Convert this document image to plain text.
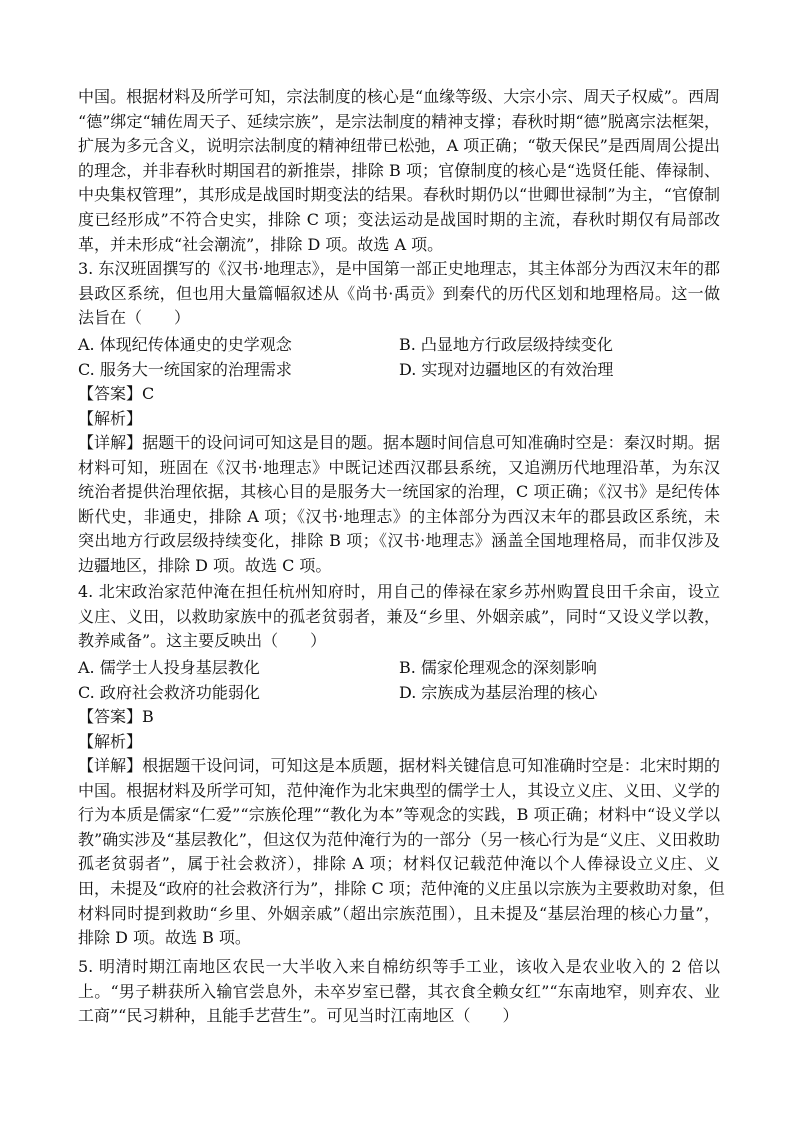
中国。根据材料及所学可知，宗法制度的核心是“血缘等级、大宗小宗、周天子权威”。西周
“德”绑定“辅佐周天子、延续宗族”，是宗法制度的精神支撑；春秋时期“德”脱离宗法框架，
扩展为多元含义，说明宗法制度的精神纽带已松弛，A 项正确；“敬天保民”是西周周公提出
的理念，并非春秋时期国君的新推崇，排除 B 项；官僚制度的核心是“选贤任能、俸禄制、
中央集权管理”，其形成是战国时期变法的结果。春秋时期仍以“世卿世禄制”为主，“官僚制
度已经形成”不符合史实，排除 C 项；变法运动是战国时期的主流，春秋时期仅有局部改
革，并未形成“社会潮流”，排除 D 项。故选 A 项。
3. 东汉班固撰写的《汉书·地理志》，是中国第一部正史地理志，其主体部分为西汉末年的郡
县政区系统，但也用大量篇幅叙述从《尚书·禹贡》到秦代的历代区划和地理格局。这一做
法旨在（　　）
A. 体现纪传体通史的史学观念	B. 凸显地方行政层级持续变化
C. 服务大一统国家的治理需求	D. 实现对边疆地区的有效治理
【答案】C
【解析】
【详解】据题干的设问词可知这是目的题。据本题时间信息可知准确时空是：秦汉时期。据
材料可知，班固在《汉书·地理志》中既记述西汉郡县系统，又追溯历代地理沿革，为东汉
统治者提供治理依据，其核心目的是服务大一统国家的治理，C 项正确；《汉书》是纪传体
断代史，非通史，排除 A 项；《汉书·地理志》的主体部分为西汉末年的郡县政区系统，未
突出地方行政层级持续变化，排除 B 项；《汉书·地理志》涵盖全国地理格局，而非仅涉及
边疆地区，排除 D 项。故选 C 项。
4. 北宋政治家范仲淹在担任杭州知府时，用自己的俸禄在家乡苏州购置良田千余亩，设立
义庄、义田，以救助家族中的孤老贫弱者，兼及“乡里、外姻亲戚”，同时“又设义学以教，
教养咸备”。这主要反映出（　　）
A. 儒学士人投身基层教化	B. 儒家伦理观念的深刻影响
C. 政府社会救济功能弱化	D. 宗族成为基层治理的核心
【答案】B
【解析】
【详解】根据题干设问词，可知这是本质题，据材料关键信息可知准确时空是：北宋时期的
中国。根据材料及所学可知，范仲淹作为北宋典型的儒学士人，其设立义庄、义田、义学的
行为本质是儒家“仁爱”“宗族伦理”“教化为本”等观念的实践，B 项正确；材料中“设义学以
教”确实涉及“基层教化”，但这仅为范仲淹行为的一部分（另一核心行为是“义庄、义田救助
孤老贫弱者”，属于社会救济），排除 A 项；材料仅记载范仲淹以个人俸禄设立义庄、义
田，未提及“政府的社会救济行为”，排除 C 项；范仲淹的义庄虽以宗族为主要救助对象，但
材料同时提到救助“乡里、外姻亲戚”（超出宗族范围），且未提及“基层治理的核心力量”，
排除 D 项。故选 B 项。
5. 明清时期江南地区农民一大半收入来自棉纺织等手工业，该收入是农业收入的 2 倍以
上。“男子耕获所入输官尝息外，未卒岁室已罄，其衣食全赖女红”“东南地窄，则弃农、业
工商”“民习耕种，且能手艺营生”。可见当时江南地区（　　）
